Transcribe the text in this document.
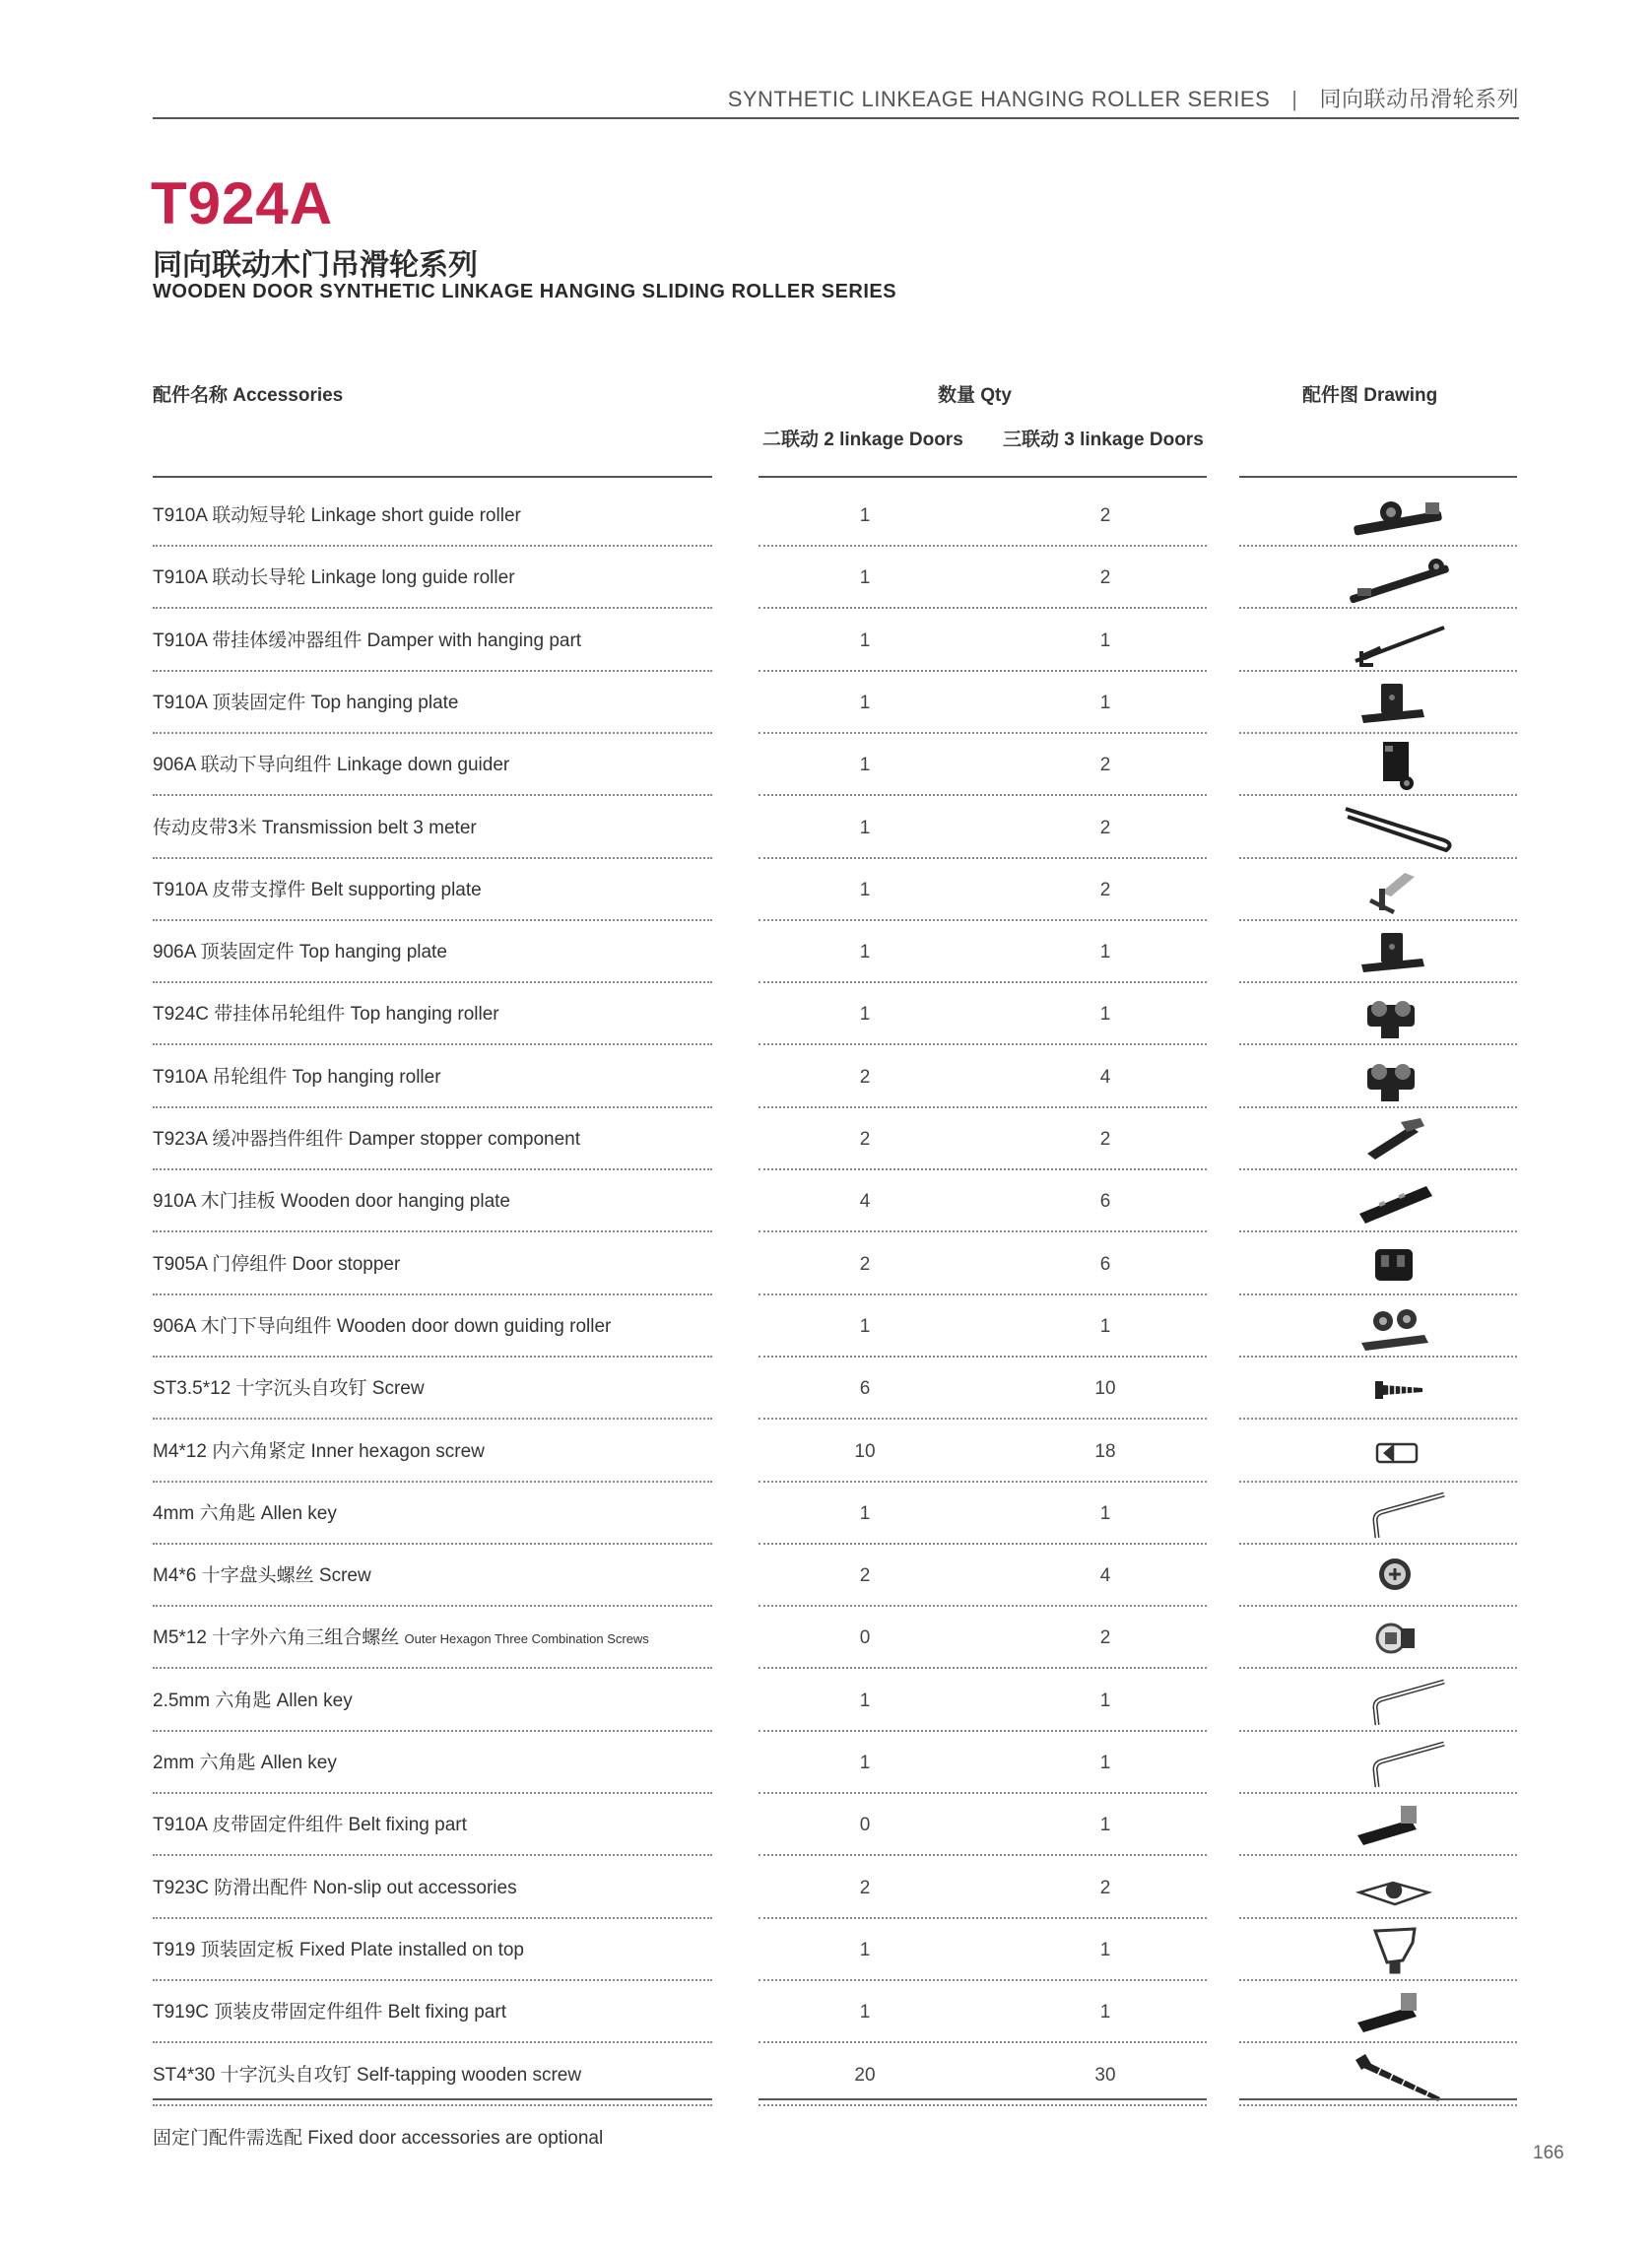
SYNTHETIC LINKEAGE HANGING ROLLER SERIES | 同向联动吊滑轮系列
T924A
同向联动木门吊滑轮系列
WOODEN DOOR SYNTHETIC LINKAGE HANGING SLIDING ROLLER SERIES
配件名称 Accessories	数量 Qty
二联动 2 linkage Doors 三联动 3 linkage Doors
配件图 Drawing
T910A 联动短导轮 Linkage short guide roller	1	2
T910A 联动长导轮 Linkage long guide roller	1	2
T910A 带挂体缓冲器组件 Damper with hanging part	1	1
T910A 顶装固定件 Top hanging plate	1	1
906A 联动下导向组件 Linkage down guider	1	2
传动皮带3米 Transmission belt 3 meter	1	2
T910A 皮带支撑件 Belt supporting plate	1	2
906A 顶装固定件 Top hanging plate	1	1
T924C 带挂体吊轮组件 Top hanging roller	1	1
T910A 吊轮组件 Top hanging roller	2	4
T923A 缓冲器挡件组件 Damper stopper component	2	2
910A 木门挂板 Wooden door hanging plate	4	6
T905A 门停组件 Door stopper	2	6
906A 木门下导向组件 Wooden door down guiding roller	1	1
ST3.5*12 十字沉头自攻钉 Screw	6	10
M4*12 内六角紧定 Inner hexagon screw	10	18
4mm 六角匙 Allen key	1	1
M4*6 十字盘头螺丝 Screw	2	4
M5*12 十字外六角三组合螺丝 Outer Hexagon Three Combination Screws	0	2
2.5mm 六角匙 Allen key	1	1
2mm 六角匙 Allen key	1	1
T910A 皮带固定件组件 Belt fixing part	0	1
T923C 防滑出配件 Non-slip out accessories	2	2
T919 顶装固定板 Fixed Plate installed on top	1	1
T919C 顶装皮带固定件组件 Belt fixing part	1	1
ST4*30 十字沉头自攻钉 Self-tapping wooden screw	20	30
固定门配件需选配 Fixed door accessories are optional
166
